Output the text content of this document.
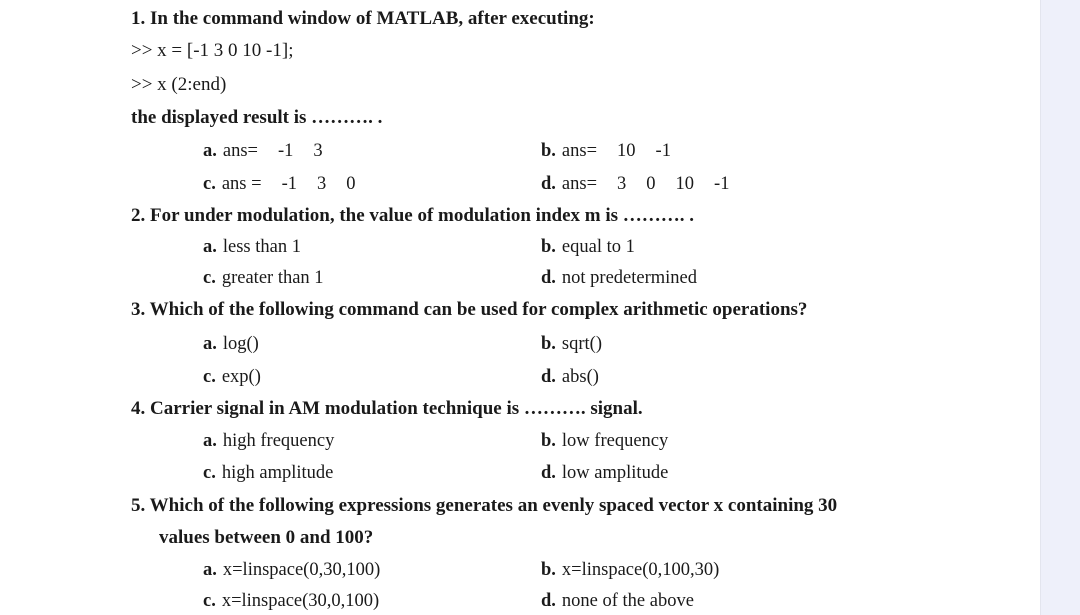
1. In the command window of MATLAB, after executing:
>> x = [-1 3 0 10 -1];
>> x (2:end)
the displayed result is ………. .
a. ans= -1 3	b. ans= 10 -1
c. ans = -1 3 0	d. ans= 3 0 10 -1
2. For under modulation, the value of modulation index m is ………. .
a. less than 1	b. equal to 1
c. greater than 1	d. not predetermined
3. Which of the following command can be used for complex arithmetic operations?
a. log()	b. sqrt()
c. exp()	d. abs()
4. Carrier signal in AM modulation technique is ………. signal.
a. high frequency	b. low frequency
c. high amplitude	d. low amplitude
5. Which of the following expressions generates an evenly spaced vector x containing 30
values between 0 and 100?
a. x=linspace(0,30,100)	b. x=linspace(0,100,30)
c. x=linspace(30,0,100)	d. none of the above
